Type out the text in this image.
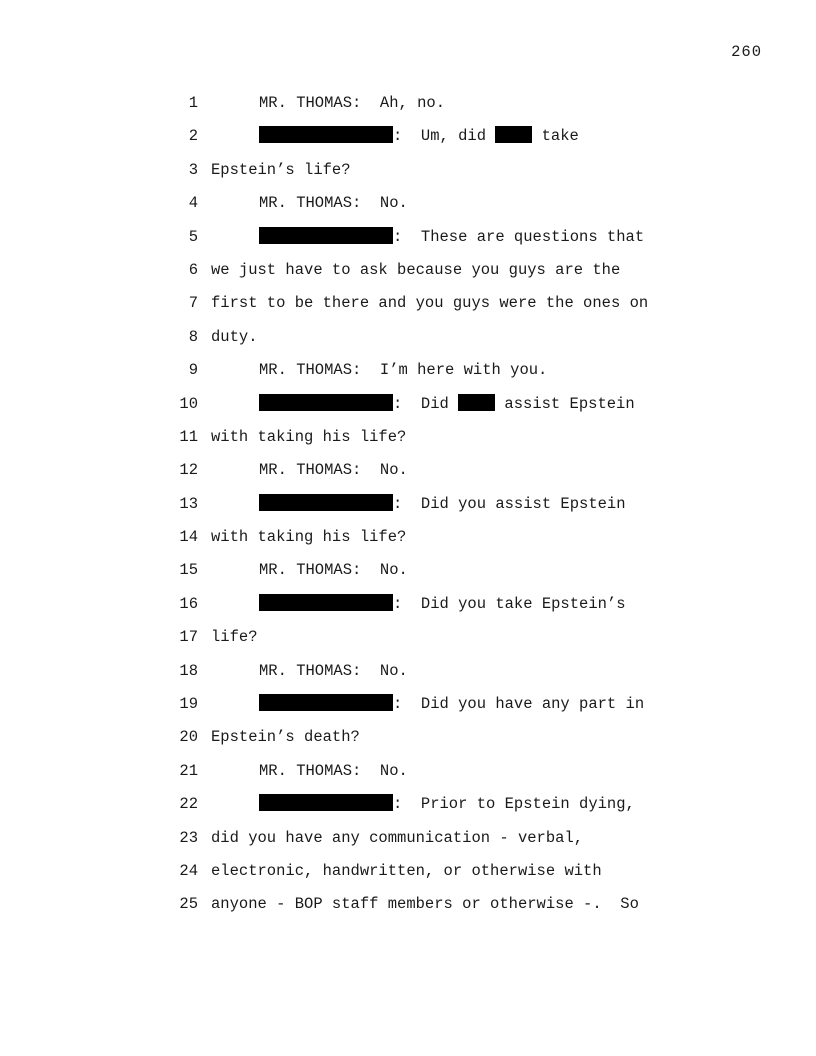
260
1	MR. THOMAS:  Ah, no.
2	:  Um, did  take
3 Epstein’s life?
4	MR. THOMAS:  No.
5	:  These are questions that
6 we just have to ask because you guys are the
7 first to be there and you guys were the ones on
8 duty.
9	MR. THOMAS:  I’m here with you.
10	:  Did  assist Epstein
11 with taking his life?
12	MR. THOMAS:  No.
13	:  Did you assist Epstein
14 with taking his life?
15	MR. THOMAS:  No.
16	:  Did you take Epstein’s
17 life?
18	MR. THOMAS:  No.
19	:  Did you have any part in
20 Epstein’s death?
21	MR. THOMAS:  No.
22	:  Prior to Epstein dying,
23 did you have any communication - verbal,
24 electronic, handwritten, or otherwise with
25 anyone - BOP staff members or otherwise -.  So
